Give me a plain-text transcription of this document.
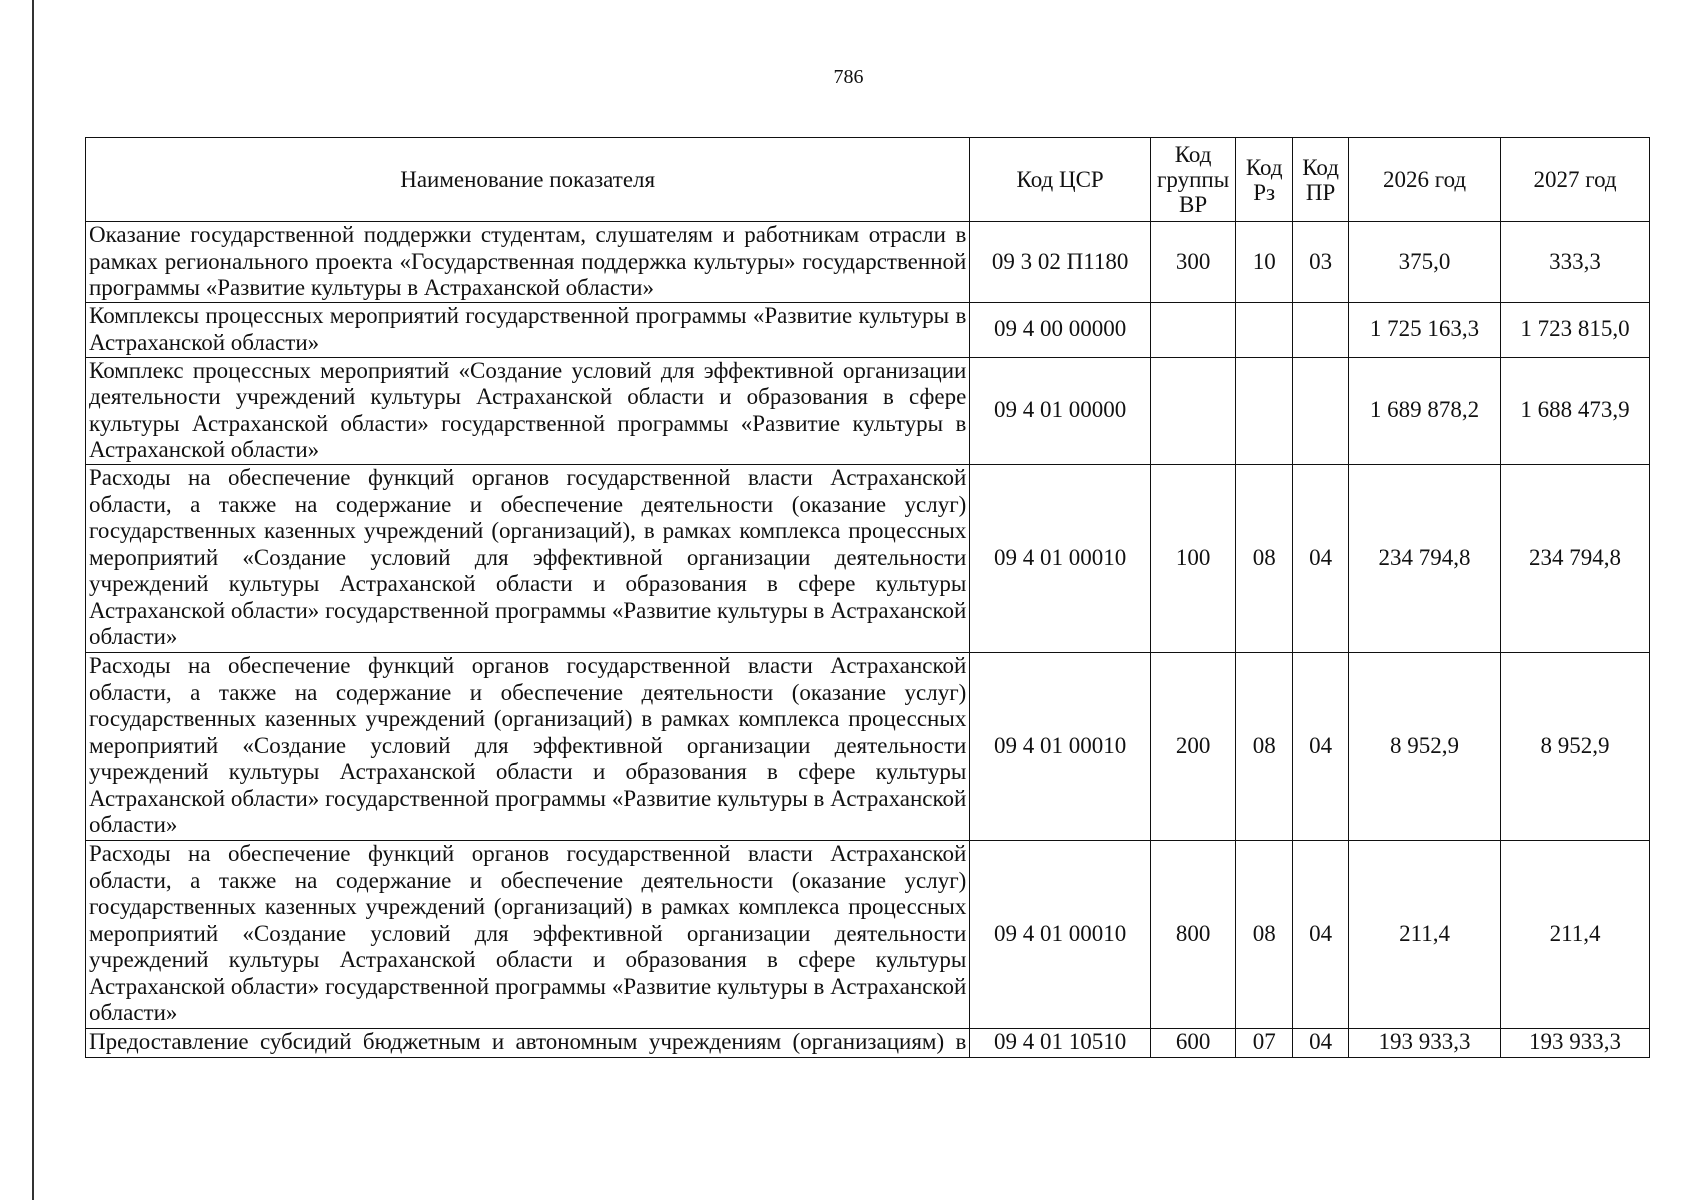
786
Наименование показателя	Код ЦСР	Код группы ВР	Код Рз	Код ПР	2026 год	2027 год
Оказание государственной поддержки студентам, слушателям и работникам отрасли в рамках регионального проекта «Государственная поддержка культуры» государственной программы «Развитие культуры в Астраханской области»	09 3 02 П1180	300	10	03	375,0	333,3
Комплексы процессных мероприятий государственной программы «Развитие культуры в Астраханской области»	09 4 00 00000				1 725 163,3	1 723 815,0
Комплекс процессных мероприятий «Создание условий для эффективной организации деятельности учреждений культуры Астраханской области и образования в сфере культуры Астраханской области» государственной программы «Развитие культуры в Астраханской области»	09 4 01 00000				1 689 878,2	1 688 473,9
Расходы на обеспечение функций органов государственной власти Астраханской области, а также на содержание и обеспечение деятельности (оказание услуг) государственных казенных учреждений (организаций), в рамках комплекса процессных мероприятий «Создание условий для эффективной организации деятельности учреждений культуры Астраханской области и образования в сфере культуры Астраханской области» государственной программы «Развитие культуры в Астраханской области»	09 4 01 00010	100	08	04	234 794,8	234 794,8
Расходы на обеспечение функций органов государственной власти Астраханской области, а также на содержание и обеспечение деятельности (оказание услуг) государственных казенных учреждений (организаций) в рамках комплекса процессных мероприятий «Создание условий для эффективной организации деятельности учреждений культуры Астраханской области и образования в сфере культуры Астраханской области» государственной программы «Развитие культуры в Астраханской области»	09 4 01 00010	200	08	04	8 952,9	8 952,9
Расходы на обеспечение функций органов государственной власти Астраханской области, а также на содержание и обеспечение деятельности (оказание услуг) государственных казенных учреждений (организаций) в рамках комплекса процессных мероприятий «Создание условий для эффективной организации деятельности учреждений культуры Астраханской области и образования в сфере культуры Астраханской области» государственной программы «Развитие культуры в Астраханской области»	09 4 01 00010	800	08	04	211,4	211,4
Предоставление субсидий бюджетным и автономным учреждениям (организациям) в	09 4 01 10510	600	07	04	193 933,3	193 933,3
